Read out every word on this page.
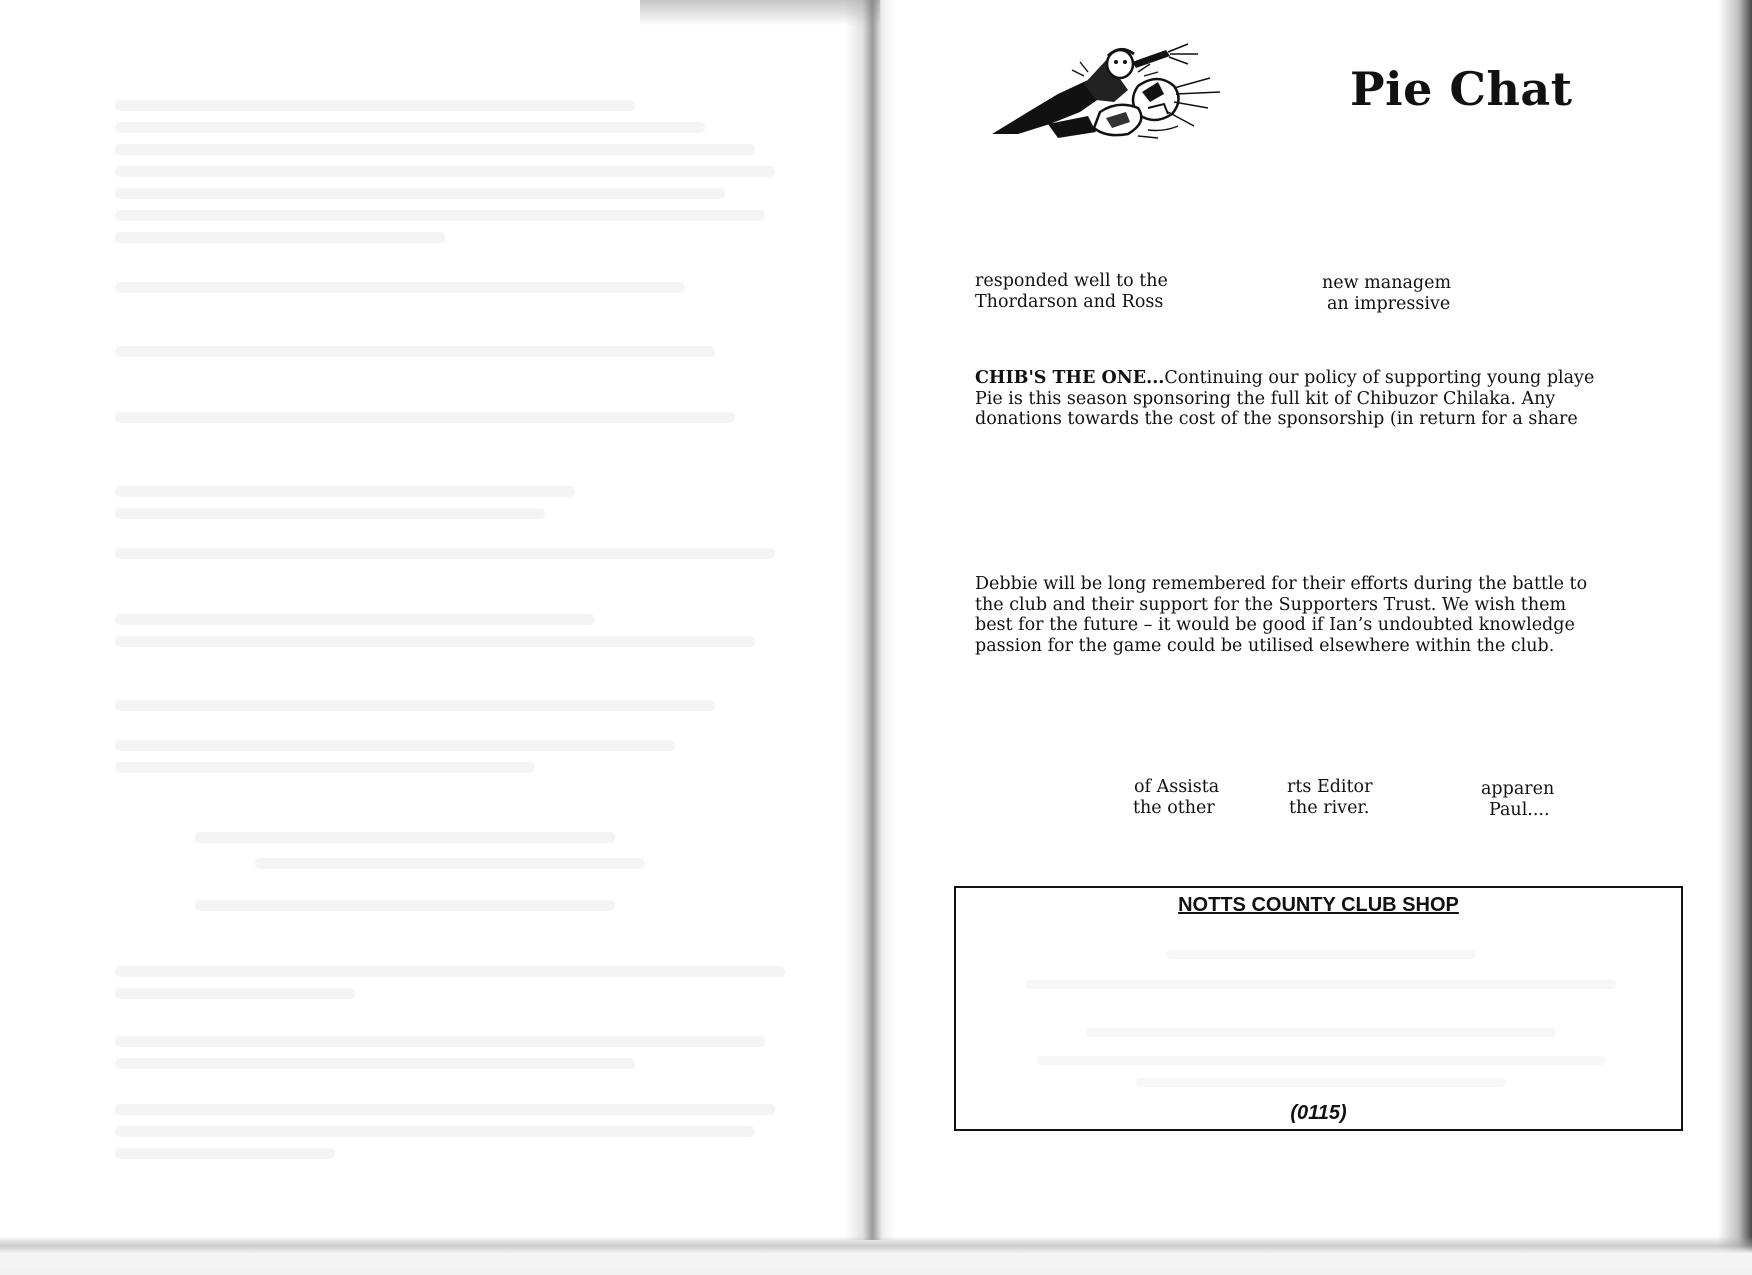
Pie Chat
responded well to the
Thordarson and Ross
new managem
an impressive

CHIB'S THE ONE...Continuing our policy of supporting young playe

Pie is this season sponsoring the full kit of Chibuzor Chilaka. Any

donations towards the cost of the sponsorship (in return for a share

Debbie will be long remembered for their efforts during the battle to

the club and their support for the Supporters Trust. We wish them

best for the future – it would be good if Ian’s undoubted knowledge

passion for the game could be utilised elsewhere within the club.

of Assista
the other
rts Editor
the river.
apparen
Paul....
NOTTS COUNTY CLUB SHOP
(0115)
